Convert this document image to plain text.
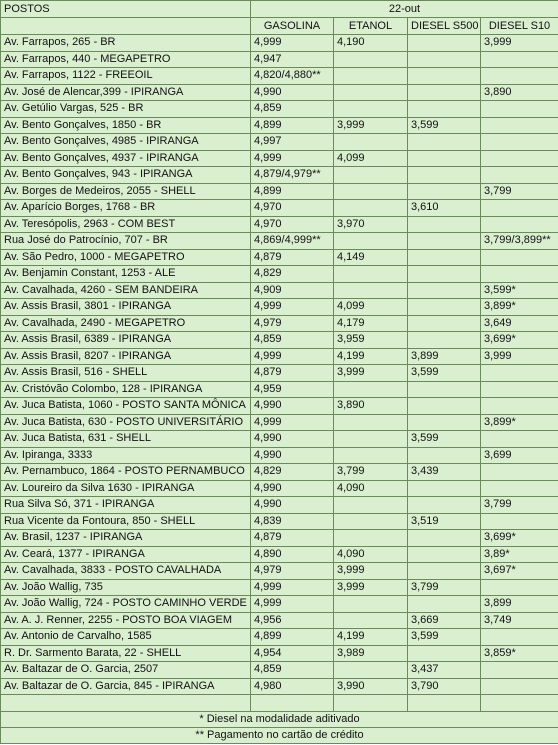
POSTOS	22-out			
	GASOLINA	ETANOL	DIESEL S500	DIESEL S10
Av. Farrapos, 265 - BR	4,999	4,190		3,999
Av. Farrapos, 440 - MEGAPETRO	4,947			
Av. Farrapos, 1122 - FREEOIL	4,820/4,880**			
Av. José de Alencar,399 - IPIRANGA	4,990			3,890
Av. Getúlio Vargas, 525 - BR	4,859			
Av. Bento Gonçalves, 1850 - BR	4,899	3,999	3,599	
Av. Bento Gonçalves, 4985 - IPIRANGA	4,997			
Av. Bento Gonçalves, 4937 - IPIRANGA	4,999	4,099		
Av. Bento Gonçalves, 943 - IPIRANGA	4,879/4,979**			
Av. Borges de Medeiros, 2055 - SHELL	4,899			3,799
Av. Aparício Borges, 1768 - BR	4,970		3,610	
Av. Teresópolis, 2963 - COM BEST	4,970	3,970		
Rua José do Patrocínio, 707 - BR	4,869/4,999**			3,799/3,899**
Av. São Pedro, 1000 - MEGAPETRO	4,879	4,149		
Av. Benjamin Constant, 1253 - ALE	4,829			
Av. Cavalhada, 4260 - SEM BANDEIRA	4,909			3,599*
Av. Assis Brasil, 3801 - IPIRANGA	4,999	4,099		3,899*
Av. Cavalhada, 2490 - MEGAPETRO	4,979	4,179		3,649
Av. Assis Brasil, 6389 - IPIRANGA	4,859	3,959		3,699*
Av. Assis Brasil, 8207 - IPIRANGA	4,999	4,199	3,899	3,999
Av. Assis Brasil, 516 - SHELL	4,879	3,999	3,599	
Av. Cristóvão Colombo, 128 - IPIRANGA	4,959			
Av. Juca Batista, 1060 - POSTO SANTA MÔNICA	4,990	3,890		
Av. Juca Batista, 630 - POSTO UNIVERSITÁRIO	4,999			3,899*
Av. Juca Batista, 631 - SHELL	4,990		3,599	
Av. Ipiranga, 3333	4,990			3,699
Av. Pernambuco, 1864 - POSTO PERNAMBUCO	4,829	3,799	3,439	
Av. Loureiro da Silva 1630 - IPIRANGA	4,990	4,090		
Rua Silva Só, 371 - IPIRANGA	4,990			3,799
Rua Vicente da Fontoura, 850 - SHELL	4,839		3,519	
Av. Brasil, 1237 - IPIRANGA	4,879			3,699*
Av. Ceará, 1377 - IPIRANGA	4,890	4,090		3,89*
Av. Cavalhada, 3833 - POSTO CAVALHADA	4,979	3,999		3,697*
Av. João Wallig, 735	4,999	3,999	3,799	
Av. João Wallig, 724 - POSTO CAMINHO VERDE	4,999			3,899
Av. A. J. Renner, 2255 - POSTO BOA VIAGEM	4,956		3,669	3,749
Av. Antonio de Carvalho, 1585	4,899	4,199	3,599	
R. Dr. Sarmento Barata, 22 - SHELL	4,954	3,989		3,859*
Av. Baltazar de O. Garcia, 2507	4,859		3,437	
Av. Baltazar de O. Garcia, 845 - IPIRANGA	4,980	3,990	3,790	

* Diesel na modalidade aditivado				
** Pagamento no cartão de crédito				
